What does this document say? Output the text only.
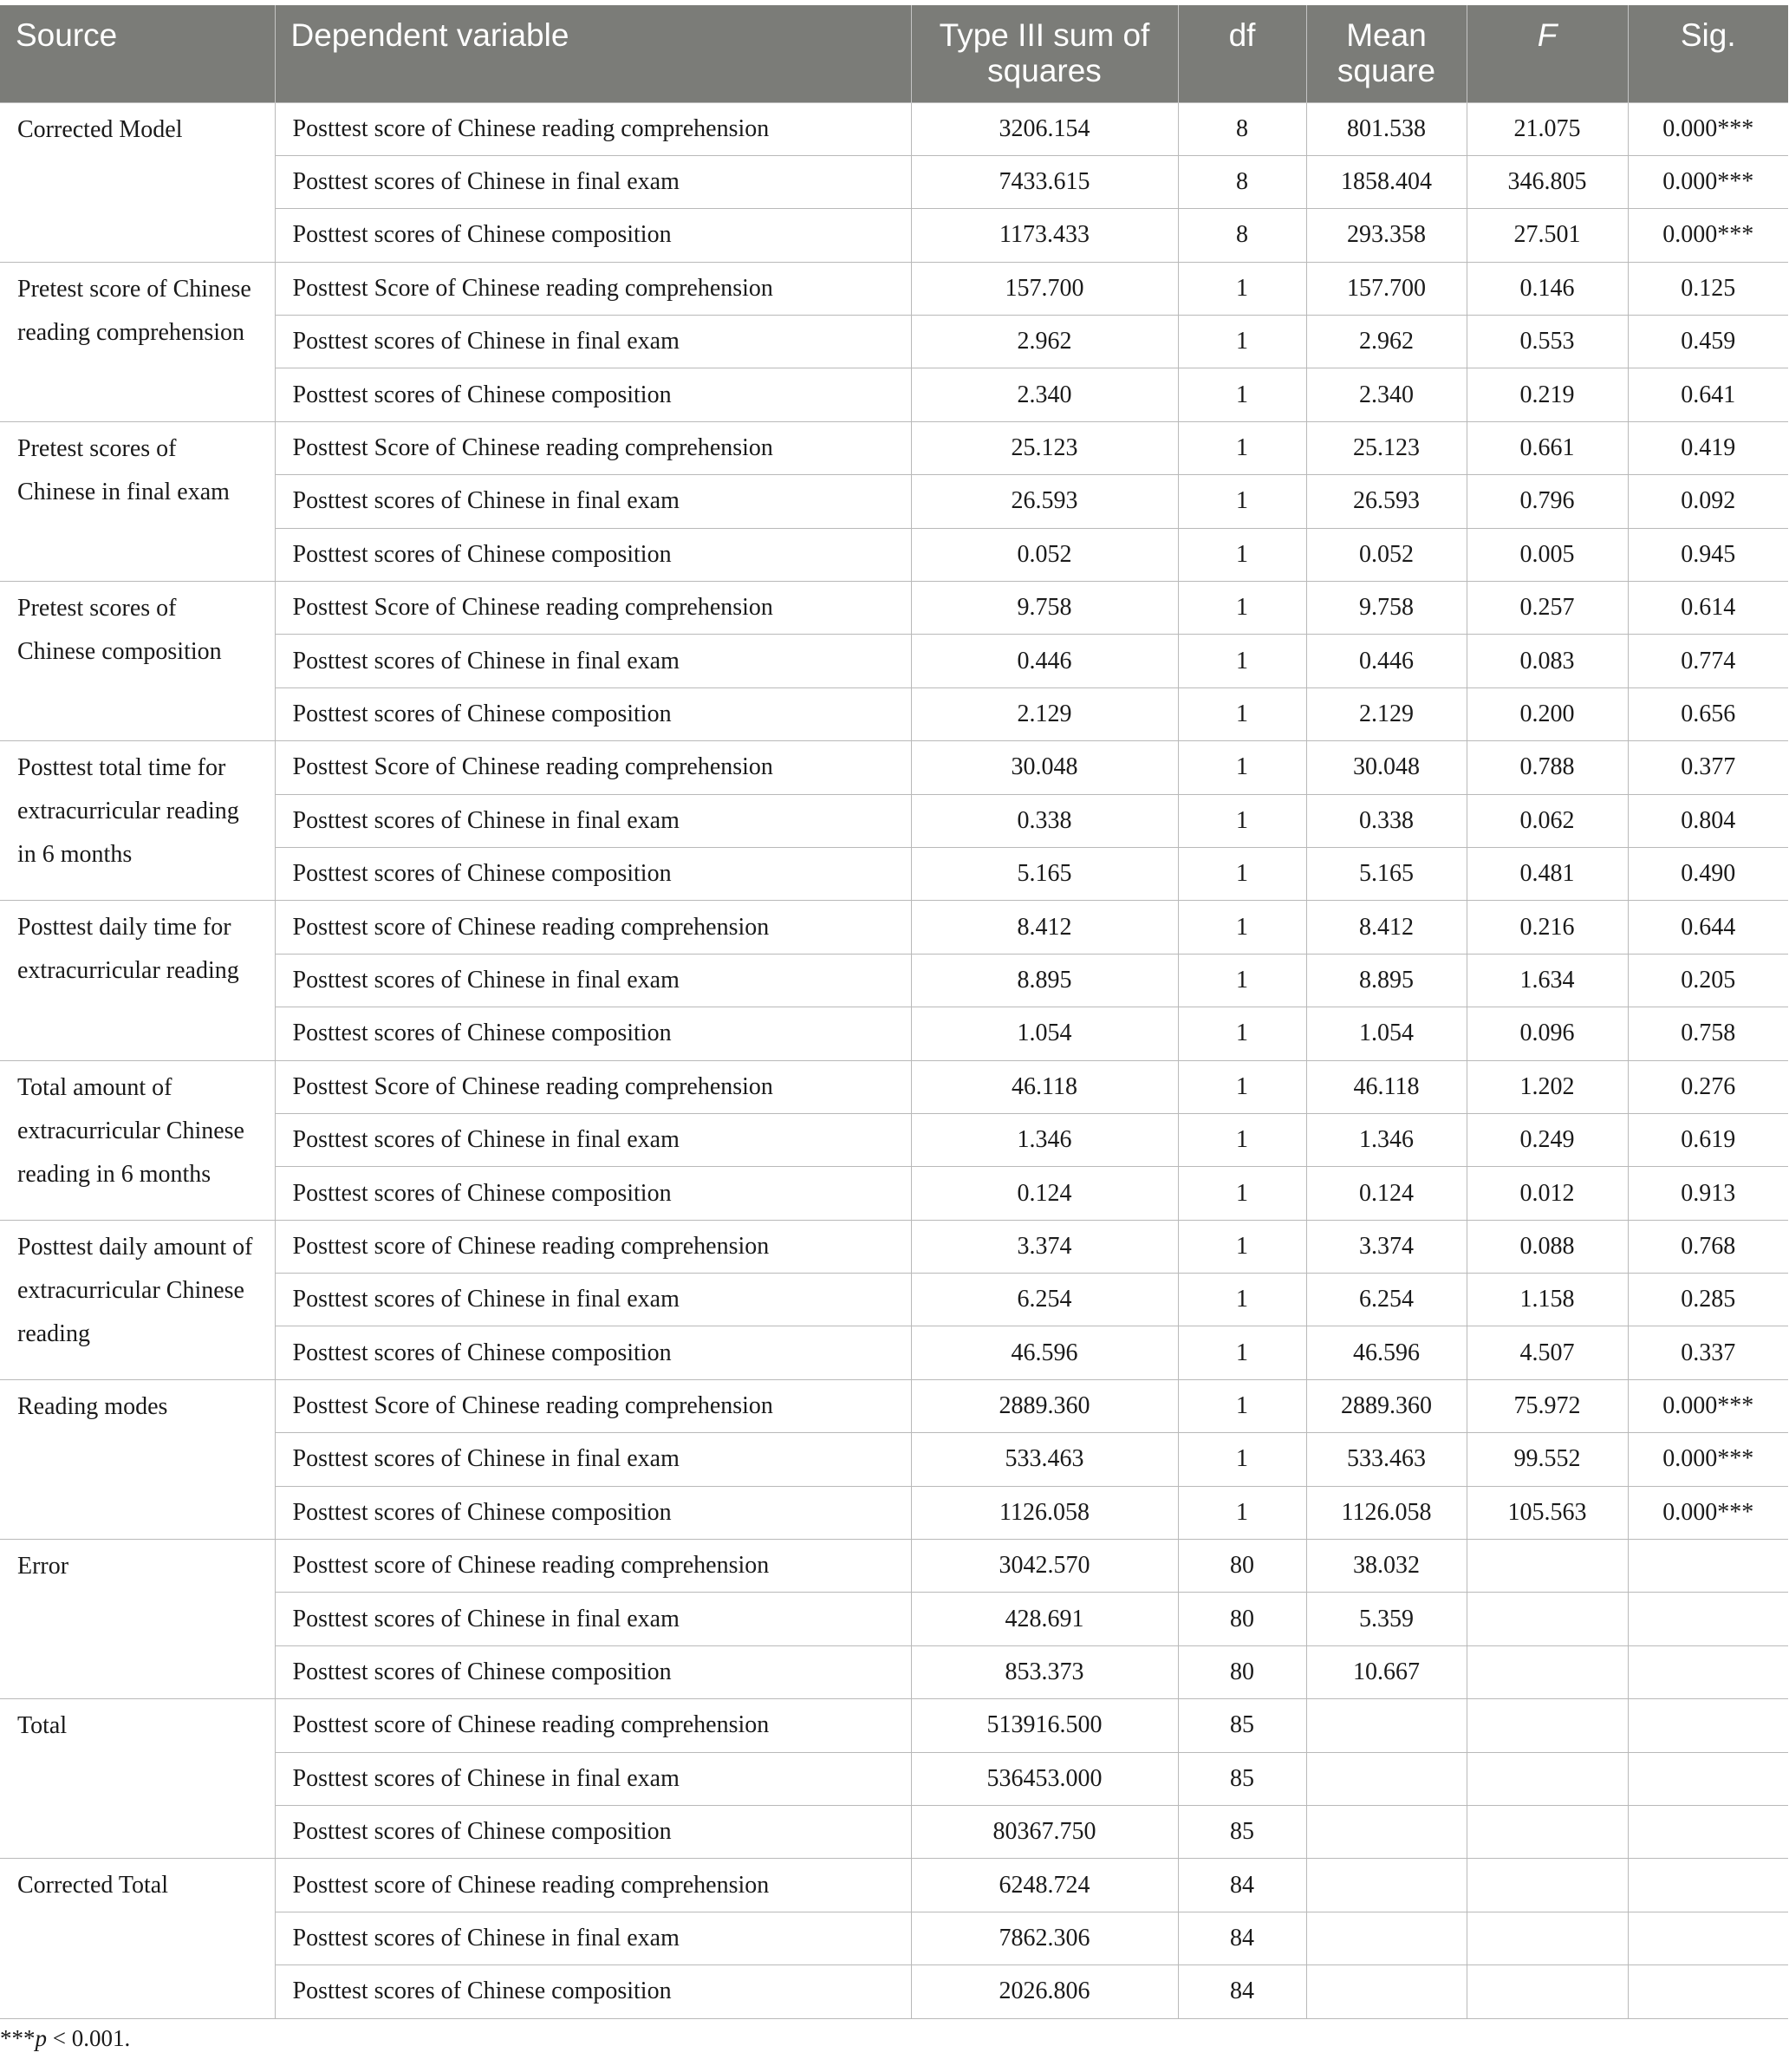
Source	Dependent variable	Type III sum of squares	df	Mean square	F	Sig.
Corrected Model	Posttest score of Chinese reading comprehension	3206.154	8	801.538	21.075	0.000***
	Posttest scores of Chinese in final exam	7433.615	8	1858.404	346.805	0.000***
	Posttest scores of Chinese composition	1173.433	8	293.358	27.501	0.000***
Pretest score of Chinese reading comprehension	Posttest Score of Chinese reading comprehension	157.700	1	157.700	0.146	0.125
	Posttest scores of Chinese in final exam	2.962	1	2.962	0.553	0.459
	Posttest scores of Chinese composition	2.340	1	2.340	0.219	0.641
Pretest scores of Chinese in final exam	Posttest Score of Chinese reading comprehension	25.123	1	25.123	0.661	0.419
	Posttest scores of Chinese in final exam	26.593	1	26.593	0.796	0.092
	Posttest scores of Chinese composition	0.052	1	0.052	0.005	0.945
Pretest scores of Chinese composition	Posttest Score of Chinese reading comprehension	9.758	1	9.758	0.257	0.614
	Posttest scores of Chinese in final exam	0.446	1	0.446	0.083	0.774
	Posttest scores of Chinese composition	2.129	1	2.129	0.200	0.656
Posttest total time for extracurricular reading in 6 months	Posttest Score of Chinese reading comprehension	30.048	1	30.048	0.788	0.377
	Posttest scores of Chinese in final exam	0.338	1	0.338	0.062	0.804
	Posttest scores of Chinese composition	5.165	1	5.165	0.481	0.490
Posttest daily time for extracurricular reading	Posttest score of Chinese reading comprehension	8.412	1	8.412	0.216	0.644
	Posttest scores of Chinese in final exam	8.895	1	8.895	1.634	0.205
	Posttest scores of Chinese composition	1.054	1	1.054	0.096	0.758
Total amount of extracurricular Chinese reading in 6 months	Posttest Score of Chinese reading comprehension	46.118	1	46.118	1.202	0.276
	Posttest scores of Chinese in final exam	1.346	1	1.346	0.249	0.619
	Posttest scores of Chinese composition	0.124	1	0.124	0.012	0.913
Posttest daily amount of extracurricular Chinese reading	Posttest score of Chinese reading comprehension	3.374	1	3.374	0.088	0.768
	Posttest scores of Chinese in final exam	6.254	1	6.254	1.158	0.285
	Posttest scores of Chinese composition	46.596	1	46.596	4.507	0.337
Reading modes	Posttest Score of Chinese reading comprehension	2889.360	1	2889.360	75.972	0.000***
	Posttest scores of Chinese in final exam	533.463	1	533.463	99.552	0.000***
	Posttest scores of Chinese composition	1126.058	1	1126.058	105.563	0.000***
Error	Posttest score of Chinese reading comprehension	3042.570	80	38.032		
	Posttest scores of Chinese in final exam	428.691	80	5.359		
	Posttest scores of Chinese composition	853.373	80	10.667		
Total	Posttest score of Chinese reading comprehension	513916.500	85			
	Posttest scores of Chinese in final exam	536453.000	85			
	Posttest scores of Chinese composition	80367.750	85			
Corrected Total	Posttest score of Chinese reading comprehension	6248.724	84			
	Posttest scores of Chinese in final exam	7862.306	84			
	Posttest scores of Chinese composition	2026.806	84			
***p < 0.001.
